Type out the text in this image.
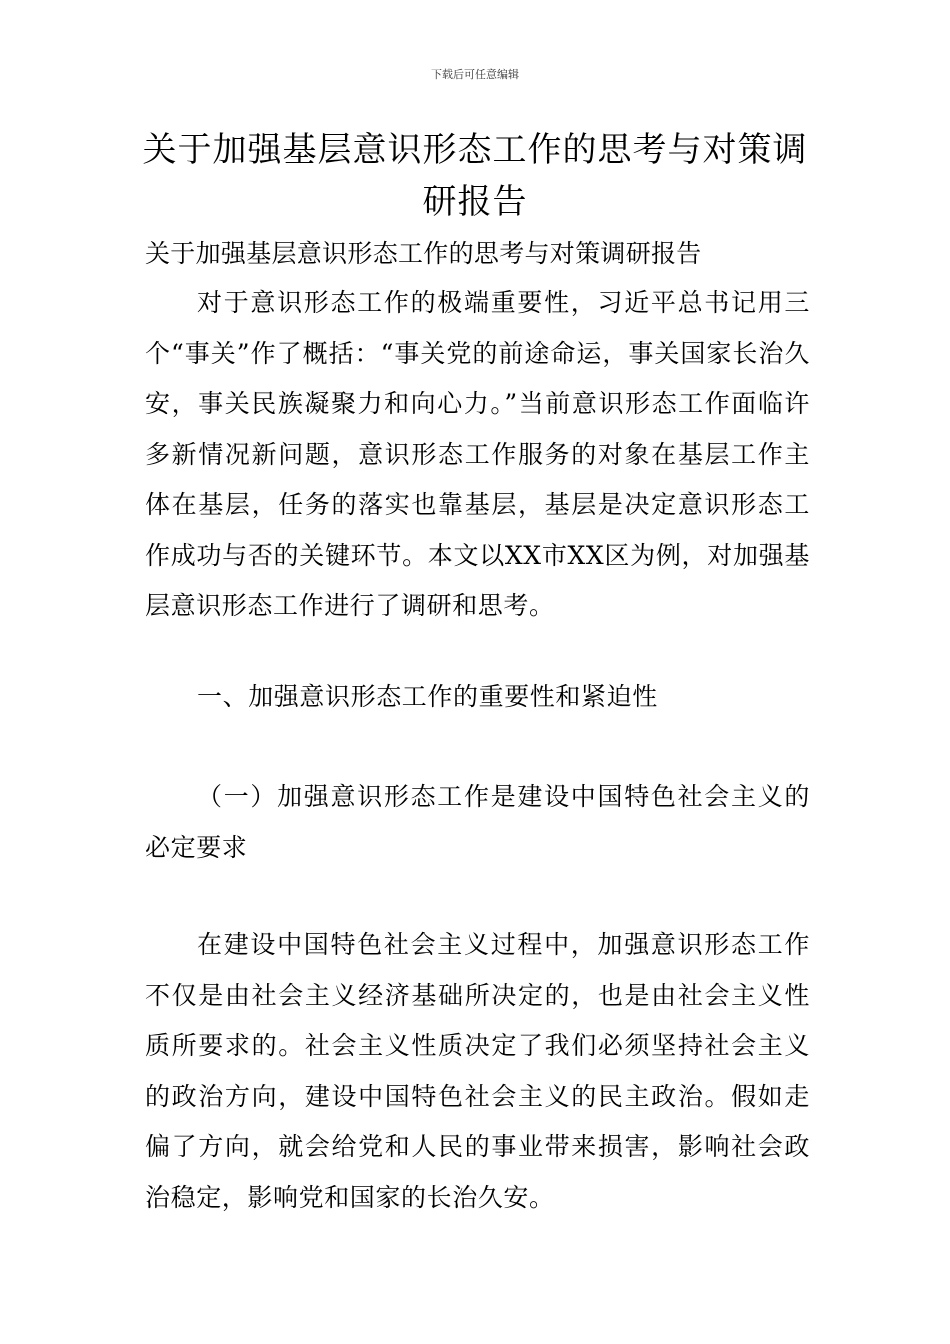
下载后可任意编辑
关于加强基层意识形态工作的思考与对策调研报告
关于加强基层意识形态工作的思考与对策调研报告
对于意识形态工作的极端重要性，习近平总书记用三个“事关”作了概括：“事关党的前途命运，事关国家长治久安，事关民族凝聚力和向心力。”当前意识形态工作面临许多新情况新问题，意识形态工作服务的对象在基层工作主体在基层，任务的落实也靠基层，基层是决定意识形态工作成功与否的关键环节。本文以XX市XX区为例，对加强基层意识形态工作进行了调研和思考。
一、加强意识形态工作的重要性和紧迫性
（一）加强意识形态工作是建设中国特色社会主义的必定要求
在建设中国特色社会主义过程中，加强意识形态工作不仅是由社会主义经济基础所决定的，也是由社会主义性质所要求的。社会主义性质决定了我们必须坚持社会主义的政治方向，建设中国特色社会主义的民主政治。假如走偏了方向，就会给党和人民的事业带来损害，影响社会政治稳定，影响党和国家的长治久安。
